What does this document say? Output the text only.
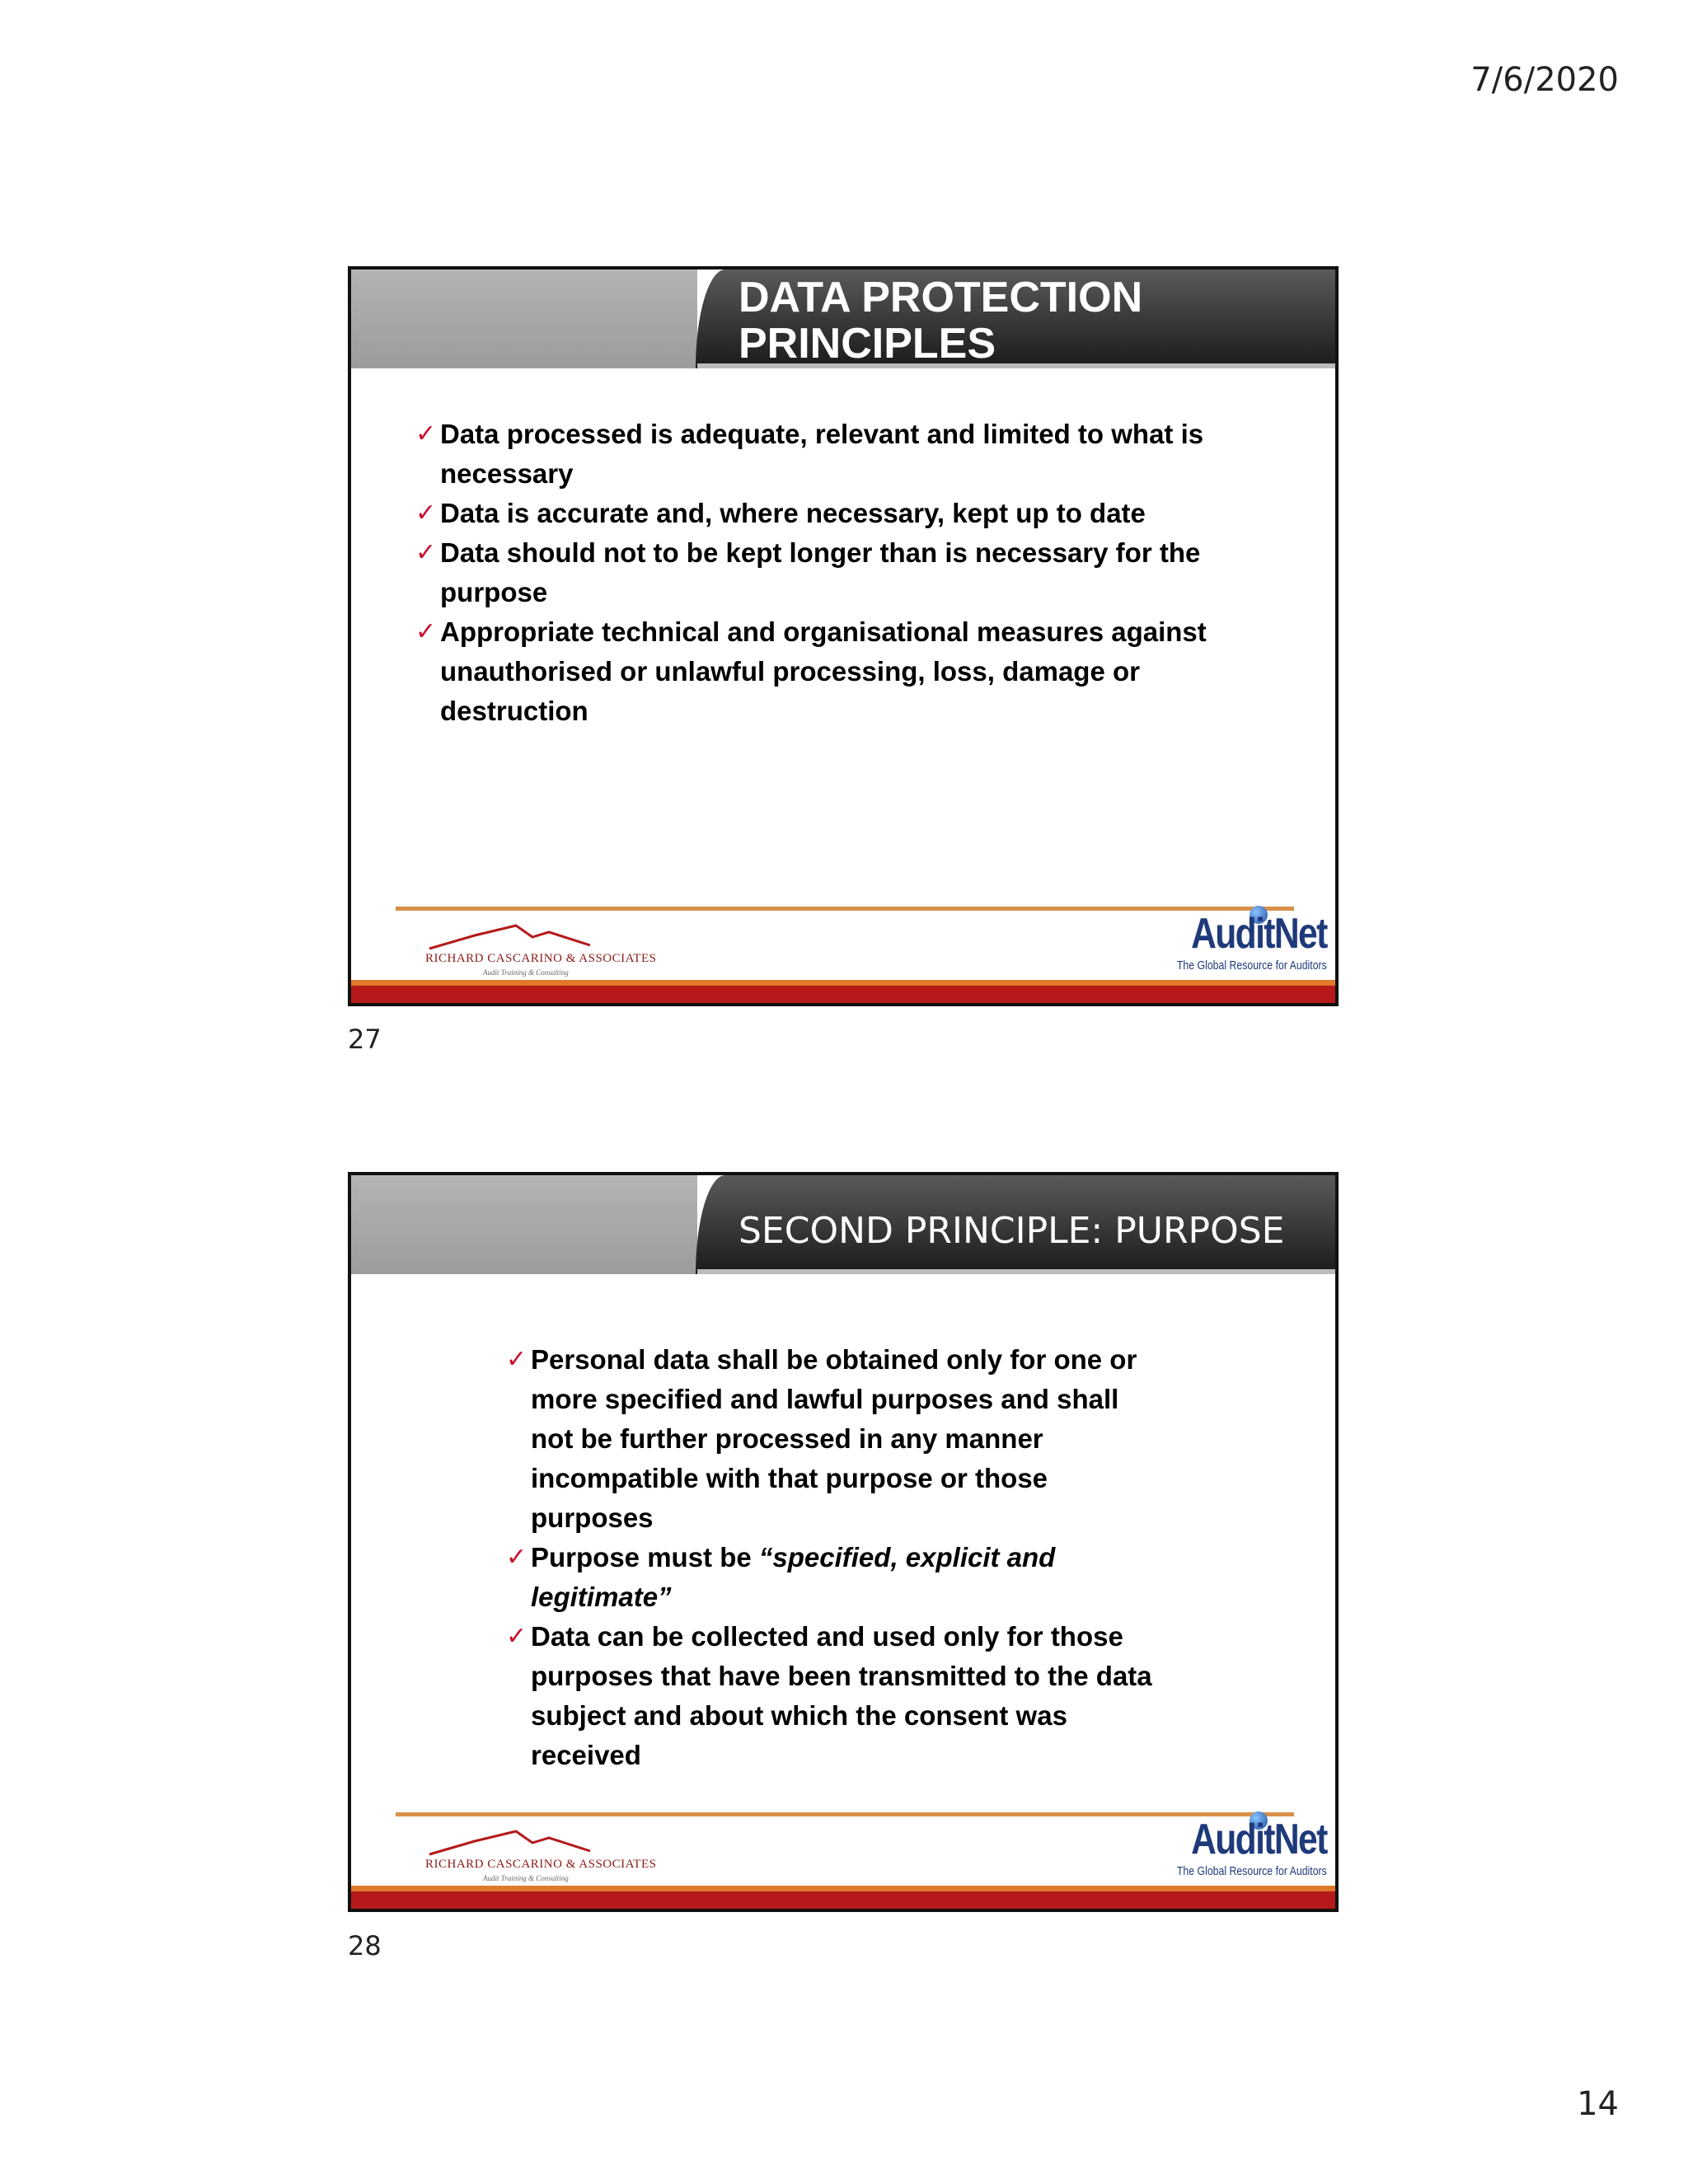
7/6/2020
DATA PROTECTION PRINCIPLES
✓ Data processed is adequate, relevant and limited to what is necessary
✓ Data is accurate and, where necessary, kept up to date
✓ Data should not to be kept longer than is necessary for the purpose
✓ Appropriate technical and organisational measures against unauthorised or unlawful processing, loss, damage or destruction
RICHARD CASCARINO & ASSOCIATES
Audit Training & Consulting
AuditNet
The Global Resource for Auditors
27
SECOND PRINCIPLE: PURPOSE
✓ Personal data shall be obtained only for one or more specified and lawful purposes and shall not be further processed in any manner incompatible with that purpose or those purposes
✓ Purpose must be “specified, explicit and legitimate”
✓ Data can be collected and used only for those purposes that have been transmitted to the data subject and about which the consent was received
RICHARD CASCARINO & ASSOCIATES
Audit Training & Consulting
AuditNet
The Global Resource for Auditors
28
14
